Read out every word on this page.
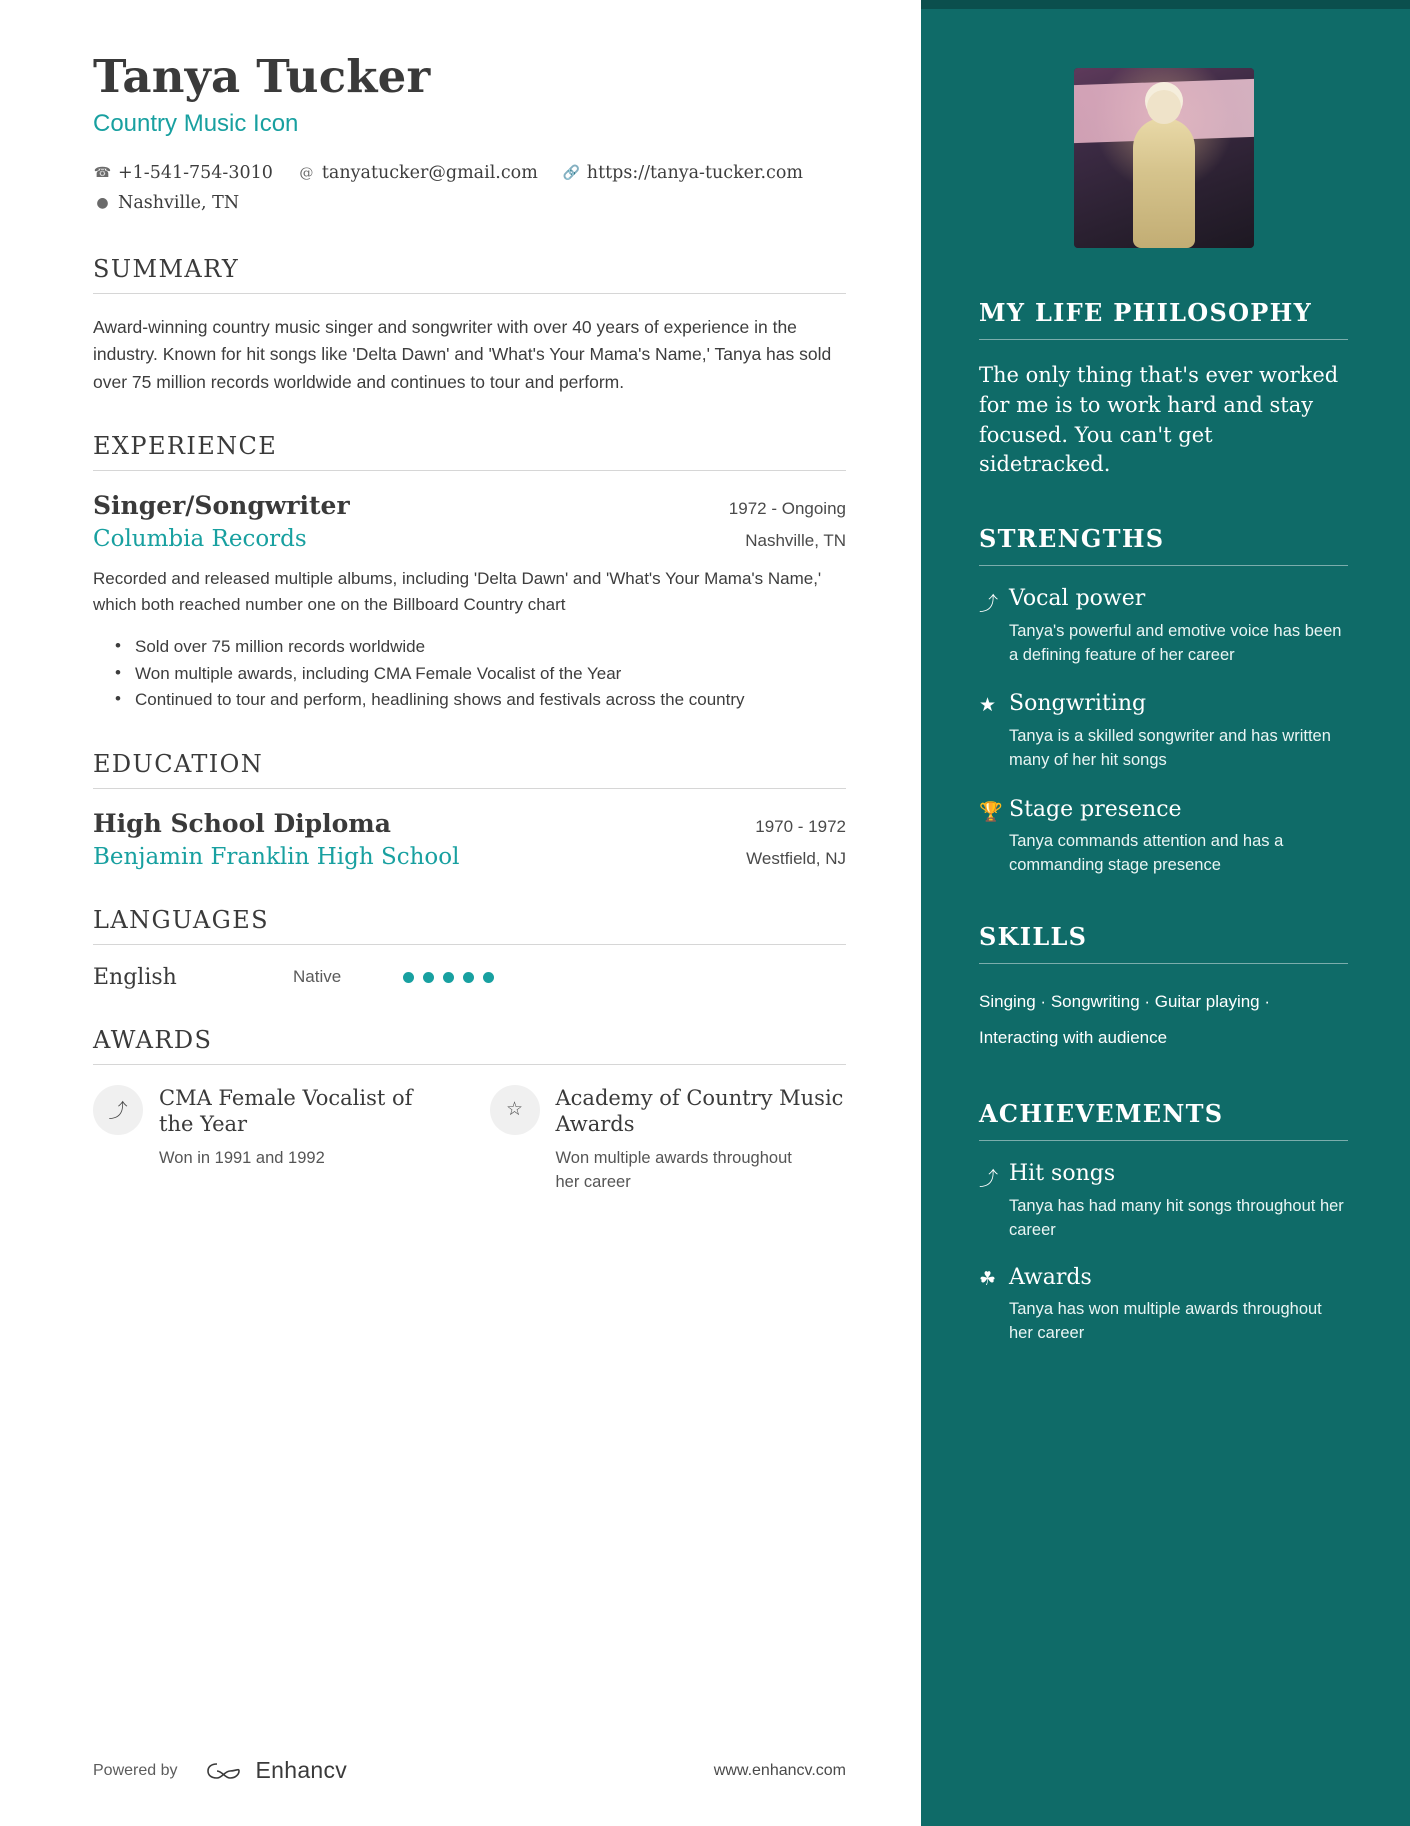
Tanya Tucker
Country Music Icon
☎ +1-541-754-3010 @ tanyatucker@gmail.com 🔗 https://tanya-tucker.com
● Nashville, TN
SUMMARY

Award-winning country music singer and songwriter with over 40 years of experience in the industry. Known for hit songs like 'Delta Dawn' and 'What's Your Mama's Name,' Tanya has sold over 75 million records worldwide and continues to tour and perform.

EXPERIENCE
Singer/Songwriter	1972 - Ongoing
Columbia Records	Nashville, TN

Recorded and released multiple albums, including 'Delta Dawn' and 'What's Your Mama's Name,' which both reached number one on the Billboard Country chart

• Sold over 75 million records worldwide
• Won multiple awards, including CMA Female Vocalist of the Year
• Continued to tour and perform, headlining shows and festivals across the country
EDUCATION
High School Diploma	1970 - 1972
Benjamin Franklin High School	Westfield, NJ
LANGUAGES
English	Native
AWARDS
⤴
CMA Female Vocalist of the Year
Won in 1991 and 1992
☆	Academy of Country Music Awards
Won multiple awards throughout her career
Powered by	Enhancv	www.enhancv.com
MY LIFE PHILOSOPHY

The only thing that's ever worked for me is to work hard and stay focused. You can't get sidetracked.

STRENGTHS
⤴ Vocal power
Tanya's powerful and emotive voice has been a defining feature of her career
★ Songwriting
Tanya is a skilled songwriter and has written many of her hit songs
🏆 Stage presence
Tanya commands attention and has a commanding stage presence
SKILLS

Singing · Songwriting · Guitar playing · Interacting with audience

ACHIEVEMENTS
⤴ Hit songs
Tanya has had many hit songs throughout her career
☘ Awards
Tanya has won multiple awards throughout her career
